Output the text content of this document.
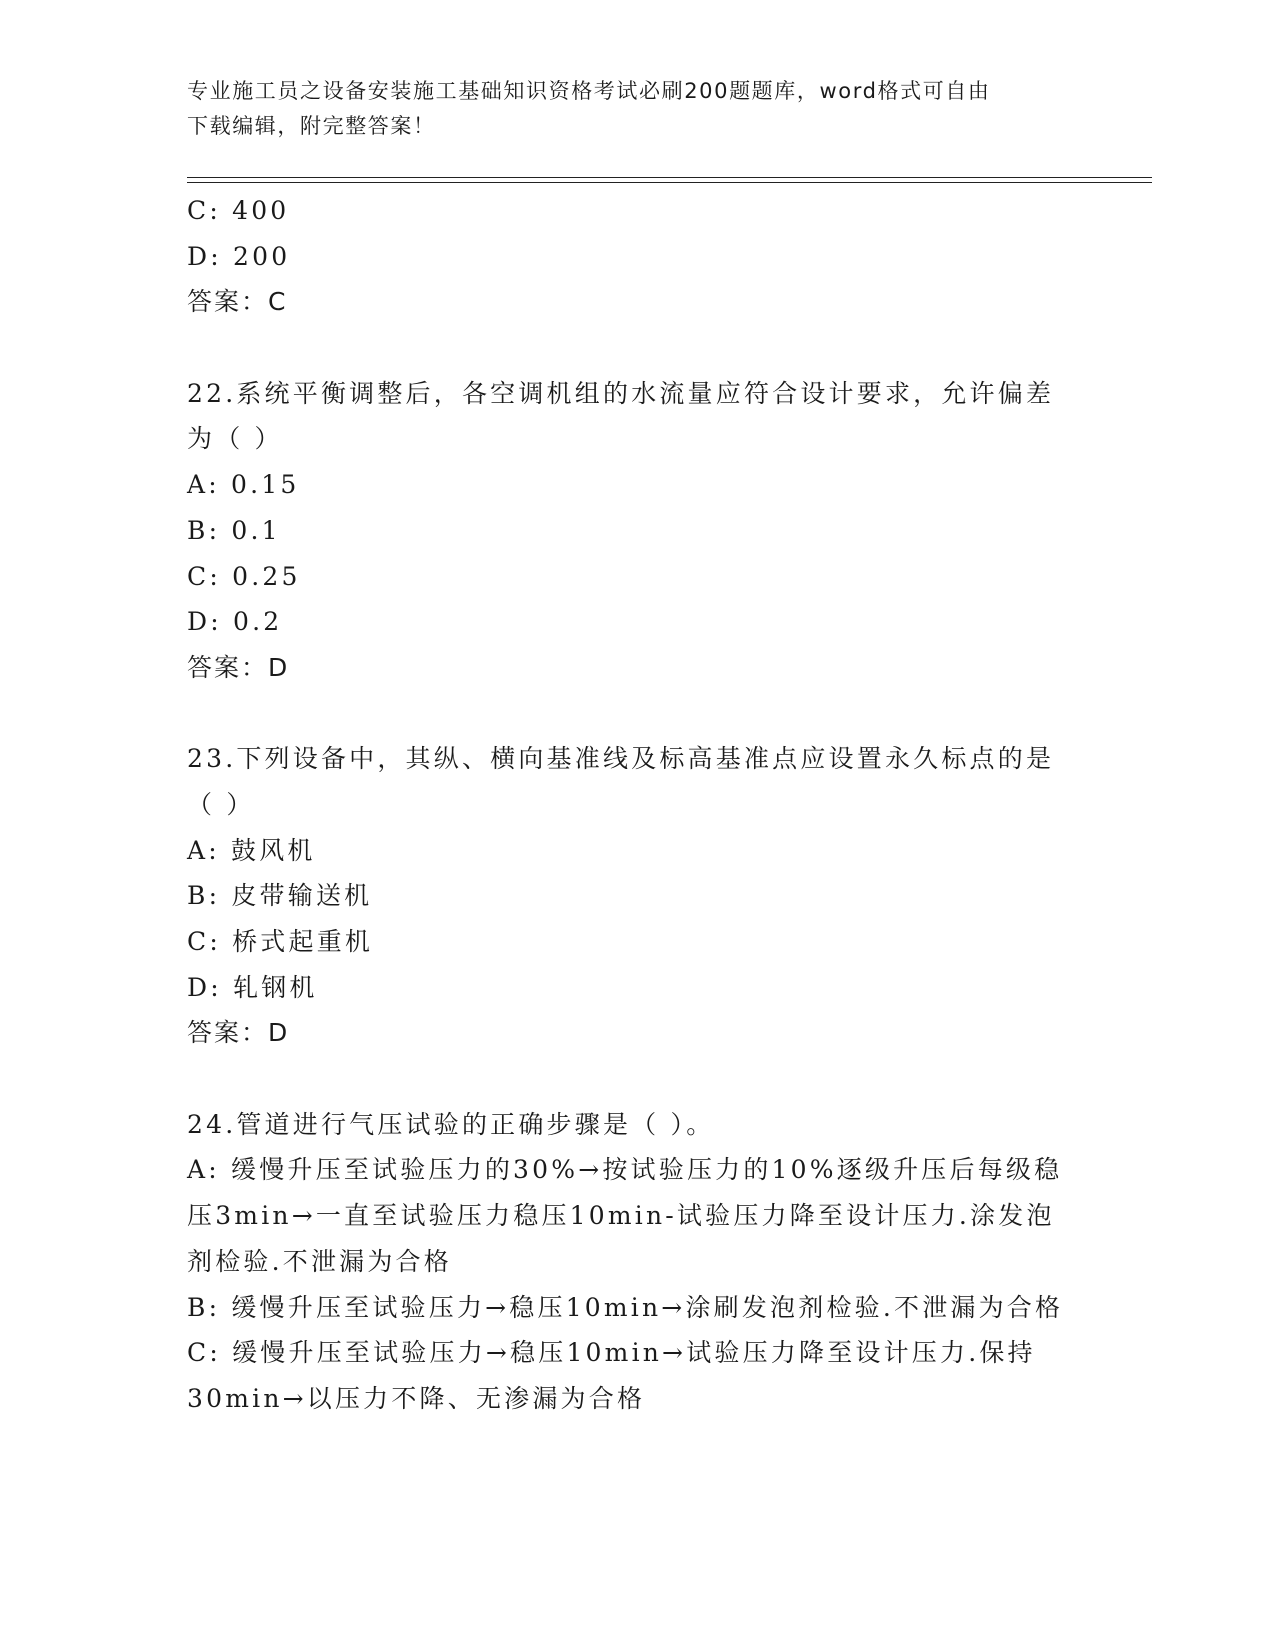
专业施工员之设备安装施工基础知识资格考试必刷200题题库，word格式可自由
下载编辑，附完整答案！
C: 400
D: 200
答案：C
22.系统平衡调整后，各空调机组的水流量应符合设计要求，允许偏差
为（ ）
A: 0.15
B: 0.1
C: 0.25
D: 0.2
答案：D
23.下列设备中，其纵、横向基准线及标高基准点应设置永久标点的是
（ ）
A: 鼓风机
B: 皮带输送机
C: 桥式起重机
D: 轧钢机
答案：D
24.管道进行气压试验的正确步骤是（ ）。
A: 缓慢升压至试验压力的30%→按试验压力的10%逐级升压后每级稳
压3min→一直至试验压力稳压10min-试验压力降至设计压力.涂发泡
剂检验.不泄漏为合格
B: 缓慢升压至试验压力→稳压10min→涂刷发泡剂检验.不泄漏为合格
C: 缓慢升压至试验压力→稳压10min→试验压力降至设计压力.保持
30min→以压力不降、无渗漏为合格
